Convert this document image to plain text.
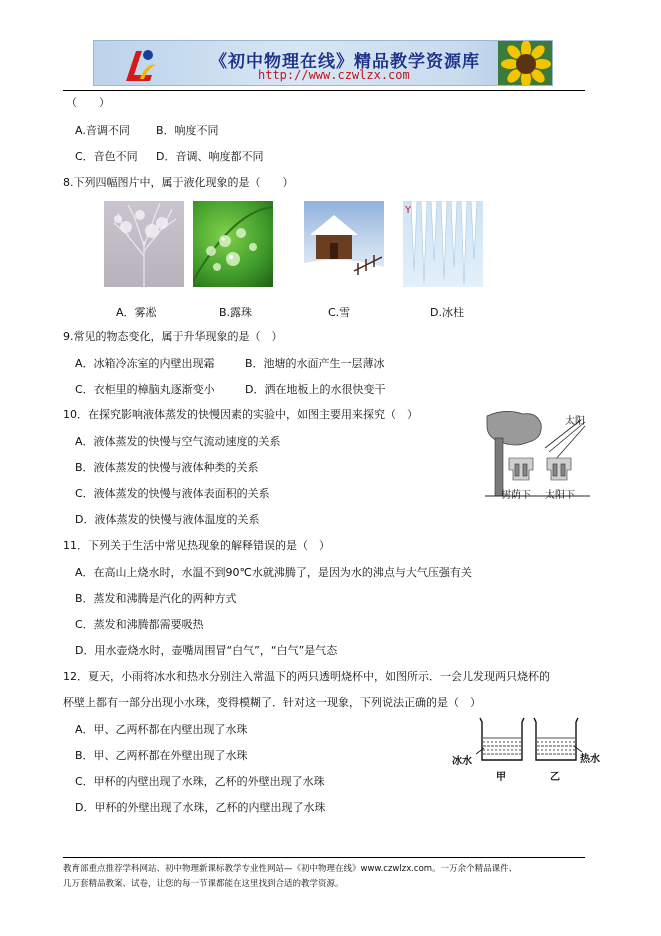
《初中物理在线》精品教学资源库
http://www.czwlzx.com
（　　）
A.音调不同 B．响度不同
C．音色不同 D．音调、响度都不同
8.下列四幅图片中，属于液化现象的是（　　）
Y
A．雾凇	B.露珠	C.雪	D.冰柱
9.常见的物态变化，属于升华现象的是（　）
A．冰箱冷冻室的内壁出现霜	B．池塘的水面产生一层薄冰
C．衣柜里的樟脑丸逐渐变小	D．洒在地板上的水很快变干
10．在探究影响液体蒸发的快慢因素的实验中，如图主要用来探究（　）
A．液体蒸发的快慢与空气流动速度的关系
B．液体蒸发的快慢与液体种类的关系
C．液体蒸发的快慢与液体表面积的关系
D．液体蒸发的快慢与液体温度的关系
太阳
树荫下 太阳下
11．下列关于生活中常见热现象的解释错误的是（　）
A．在高山上烧水时，水温不到90℃水就沸腾了，是因为水的沸点与大气压强有关
B．蒸发和沸腾是汽化的两种方式
C．蒸发和沸腾都需要吸热
D．用水壶烧水时，壶嘴周围冒“白气”，“白气”是气态
12．夏天，小雨将冰水和热水分别注入常温下的两只透明烧杯中，如图所示．一会儿发现两只烧杯的
杯壁上都有一部分出现小水珠，变得模糊了．针对这一现象，下列说法正确的是（　）
A．甲、乙两杯都在内壁出现了水珠
B．甲、乙两杯都在外壁出现了水珠
C．甲杯的内壁出现了水珠，乙杯的外壁出现了水珠
D．甲杯的外壁出现了水珠，乙杯的内壁出现了水珠
冰水	热水
甲	乙
教育部重点推荐学科网站、初中物理新课标教学专业性网站—《初中物理在线》www.czwlzx.com。一万余个精品课件、
几万套精品教案、试卷，让您的每一节课都能在这里找到合适的教学资源。
